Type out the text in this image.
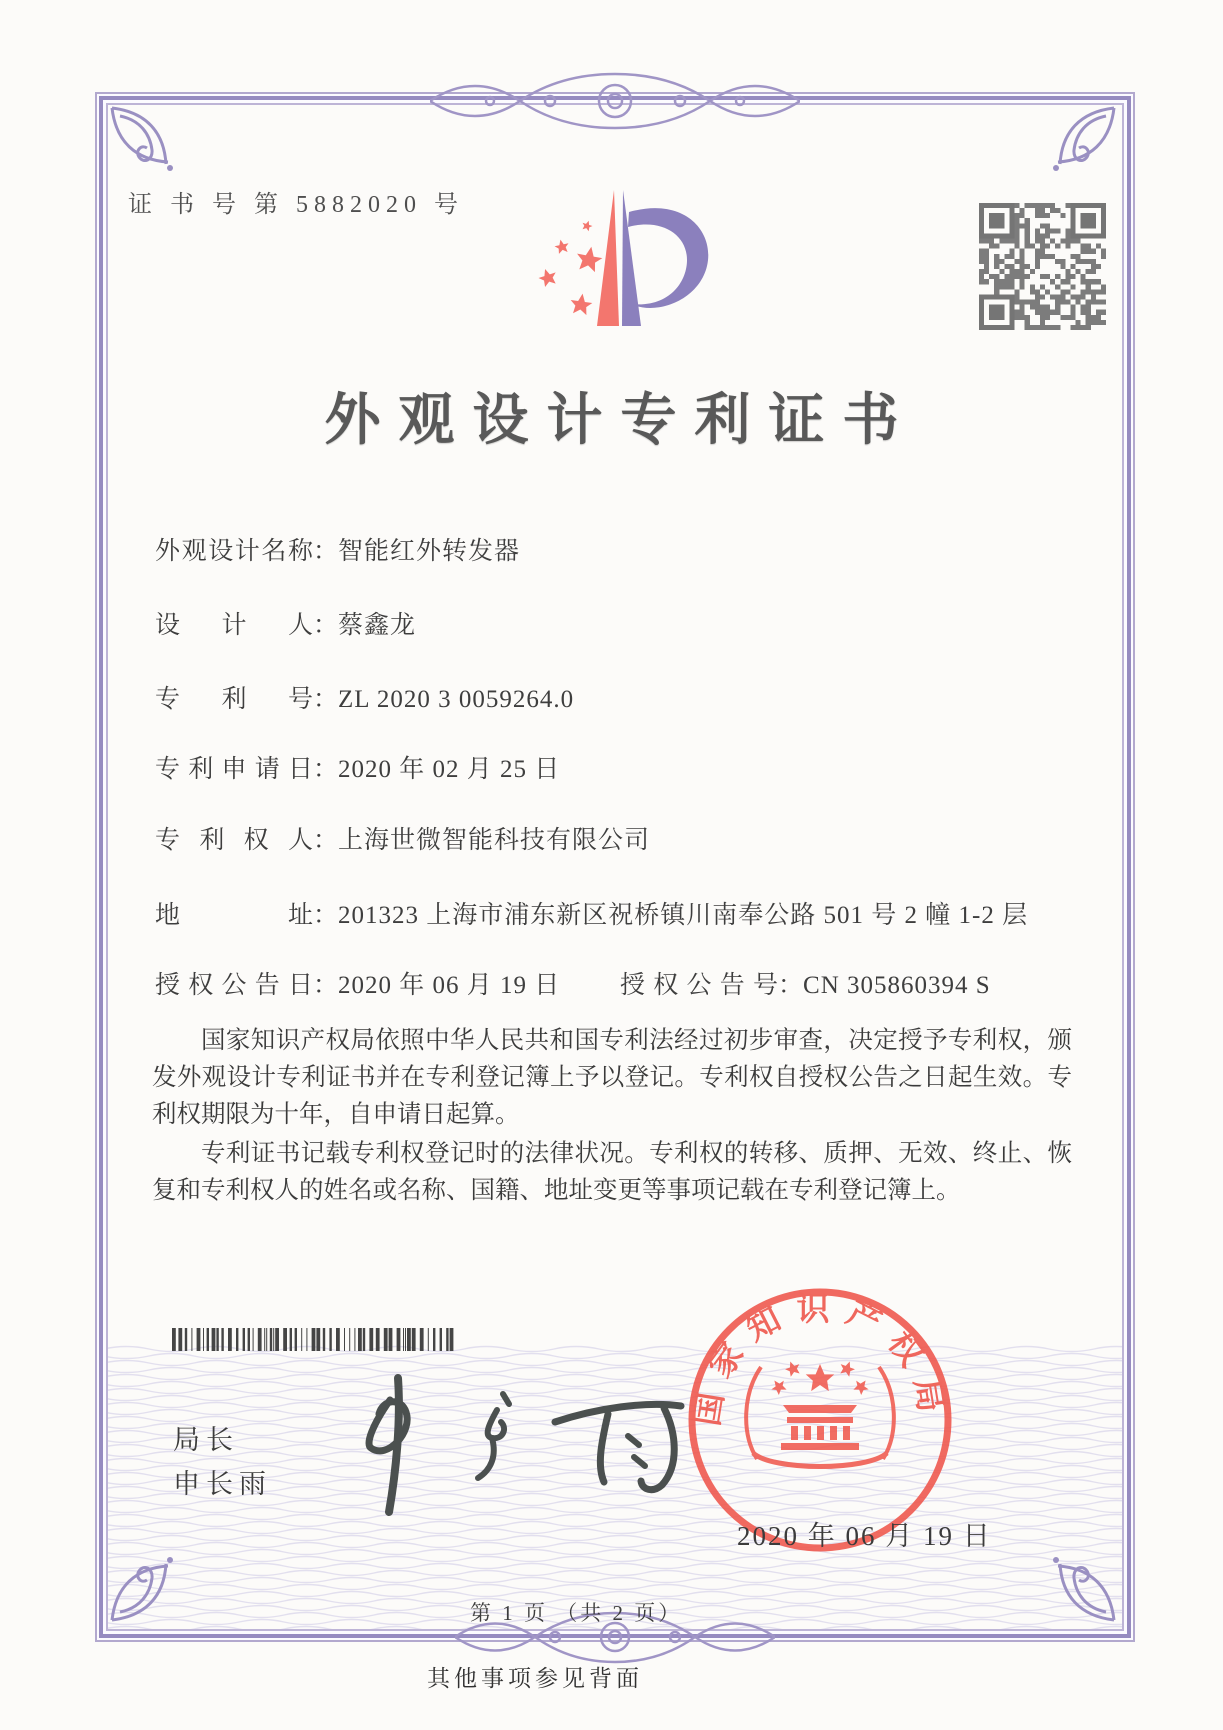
证 书 号 第 5882020 号
外观设计专利证书
外观设计名称：智能红外转发器
设计人：蔡鑫龙
专利号：ZL 2020 3 0059264.0
专利申请日：2020 年 02 月 25 日
专利权人：上海世微智能科技有限公司
地址：201323 上海市浦东新区祝桥镇川南奉公路 501 号 2 幢 1-2 层
授权公告日：2020 年 06 月 19 日 授权公告号：CN 305860394 S

国家知识产权局依照中华人民共和国专利法经过初步审查，决定授予专利权，颁发外观设计专利证书并在专利登记簿上予以登记。专利权自授权公告之日起生效。专利权期限为十年，自申请日起算。

专利证书记载专利权登记时的法律状况。专利权的转移、质押、无效、终止、恢复和专利权人的姓名或名称、国籍、地址变更等事项记载在专利登记簿上。

局长
申长雨
国家知识产权局
2020 年 06 月 19 日
第 1 页 （共 2 页）
其他事项参见背面
